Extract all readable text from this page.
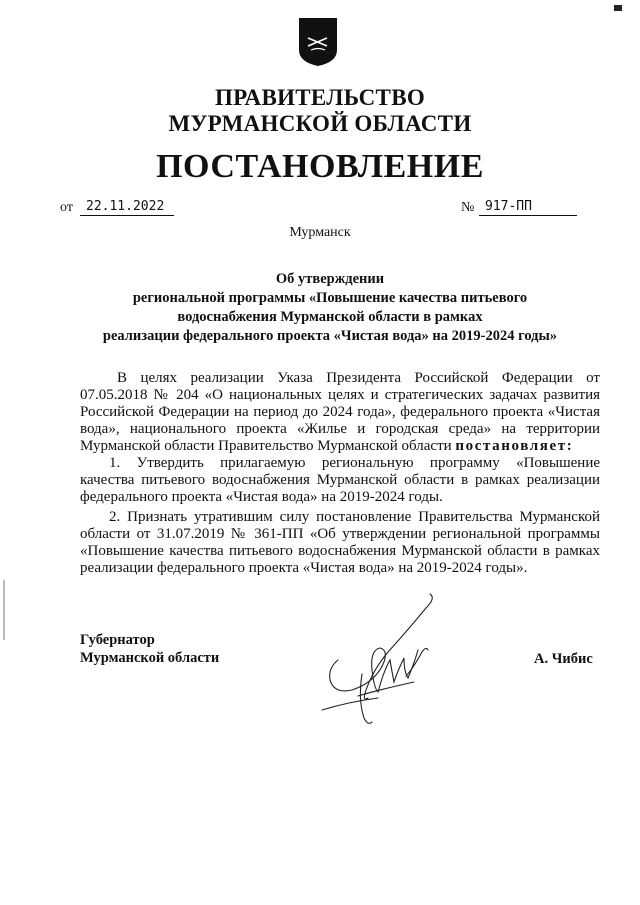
ПРАВИТЕЛЬСТВО
МУРМАНСКОЙ ОБЛАСТИ
ПОСТАНОВЛЕНИЕ
от	22.11.2022	№ 917-ПП
Мурманск
Об утверждении
региональной программы «Повышение качества питьевого
водоснабжения Мурманской области в рамках
реализации федерального проекта «Чистая вода» на 2019-2024 годы»
В целях реализации Указа Президента Российской Федерации от
07.05.2018 № 204 «О национальных целях и стратегических задачах развития
Российской Федерации на период до 2024 года», федерального проекта «Чистая
вода», национального проекта «Жилье и городская среда» на территории
Мурманской области Правительство Мурманской области постановляет:
1. Утвердить прилагаемую региональную программу «Повышение
качества питьевого водоснабжения Мурманской области в рамках реализации
федерального проекта «Чистая вода» на 2019-2024 годы.
2. Признать утратившим силу постановление Правительства Мурманской
области от 31.07.2019 № 361-ПП «Об утверждении региональной программы
«Повышение качества питьевого водоснабжения Мурманской области в рамках
реализации федерального проекта «Чистая вода» на 2019-2024 годы».
Губернатор
Мурманской области	А. Чибис
